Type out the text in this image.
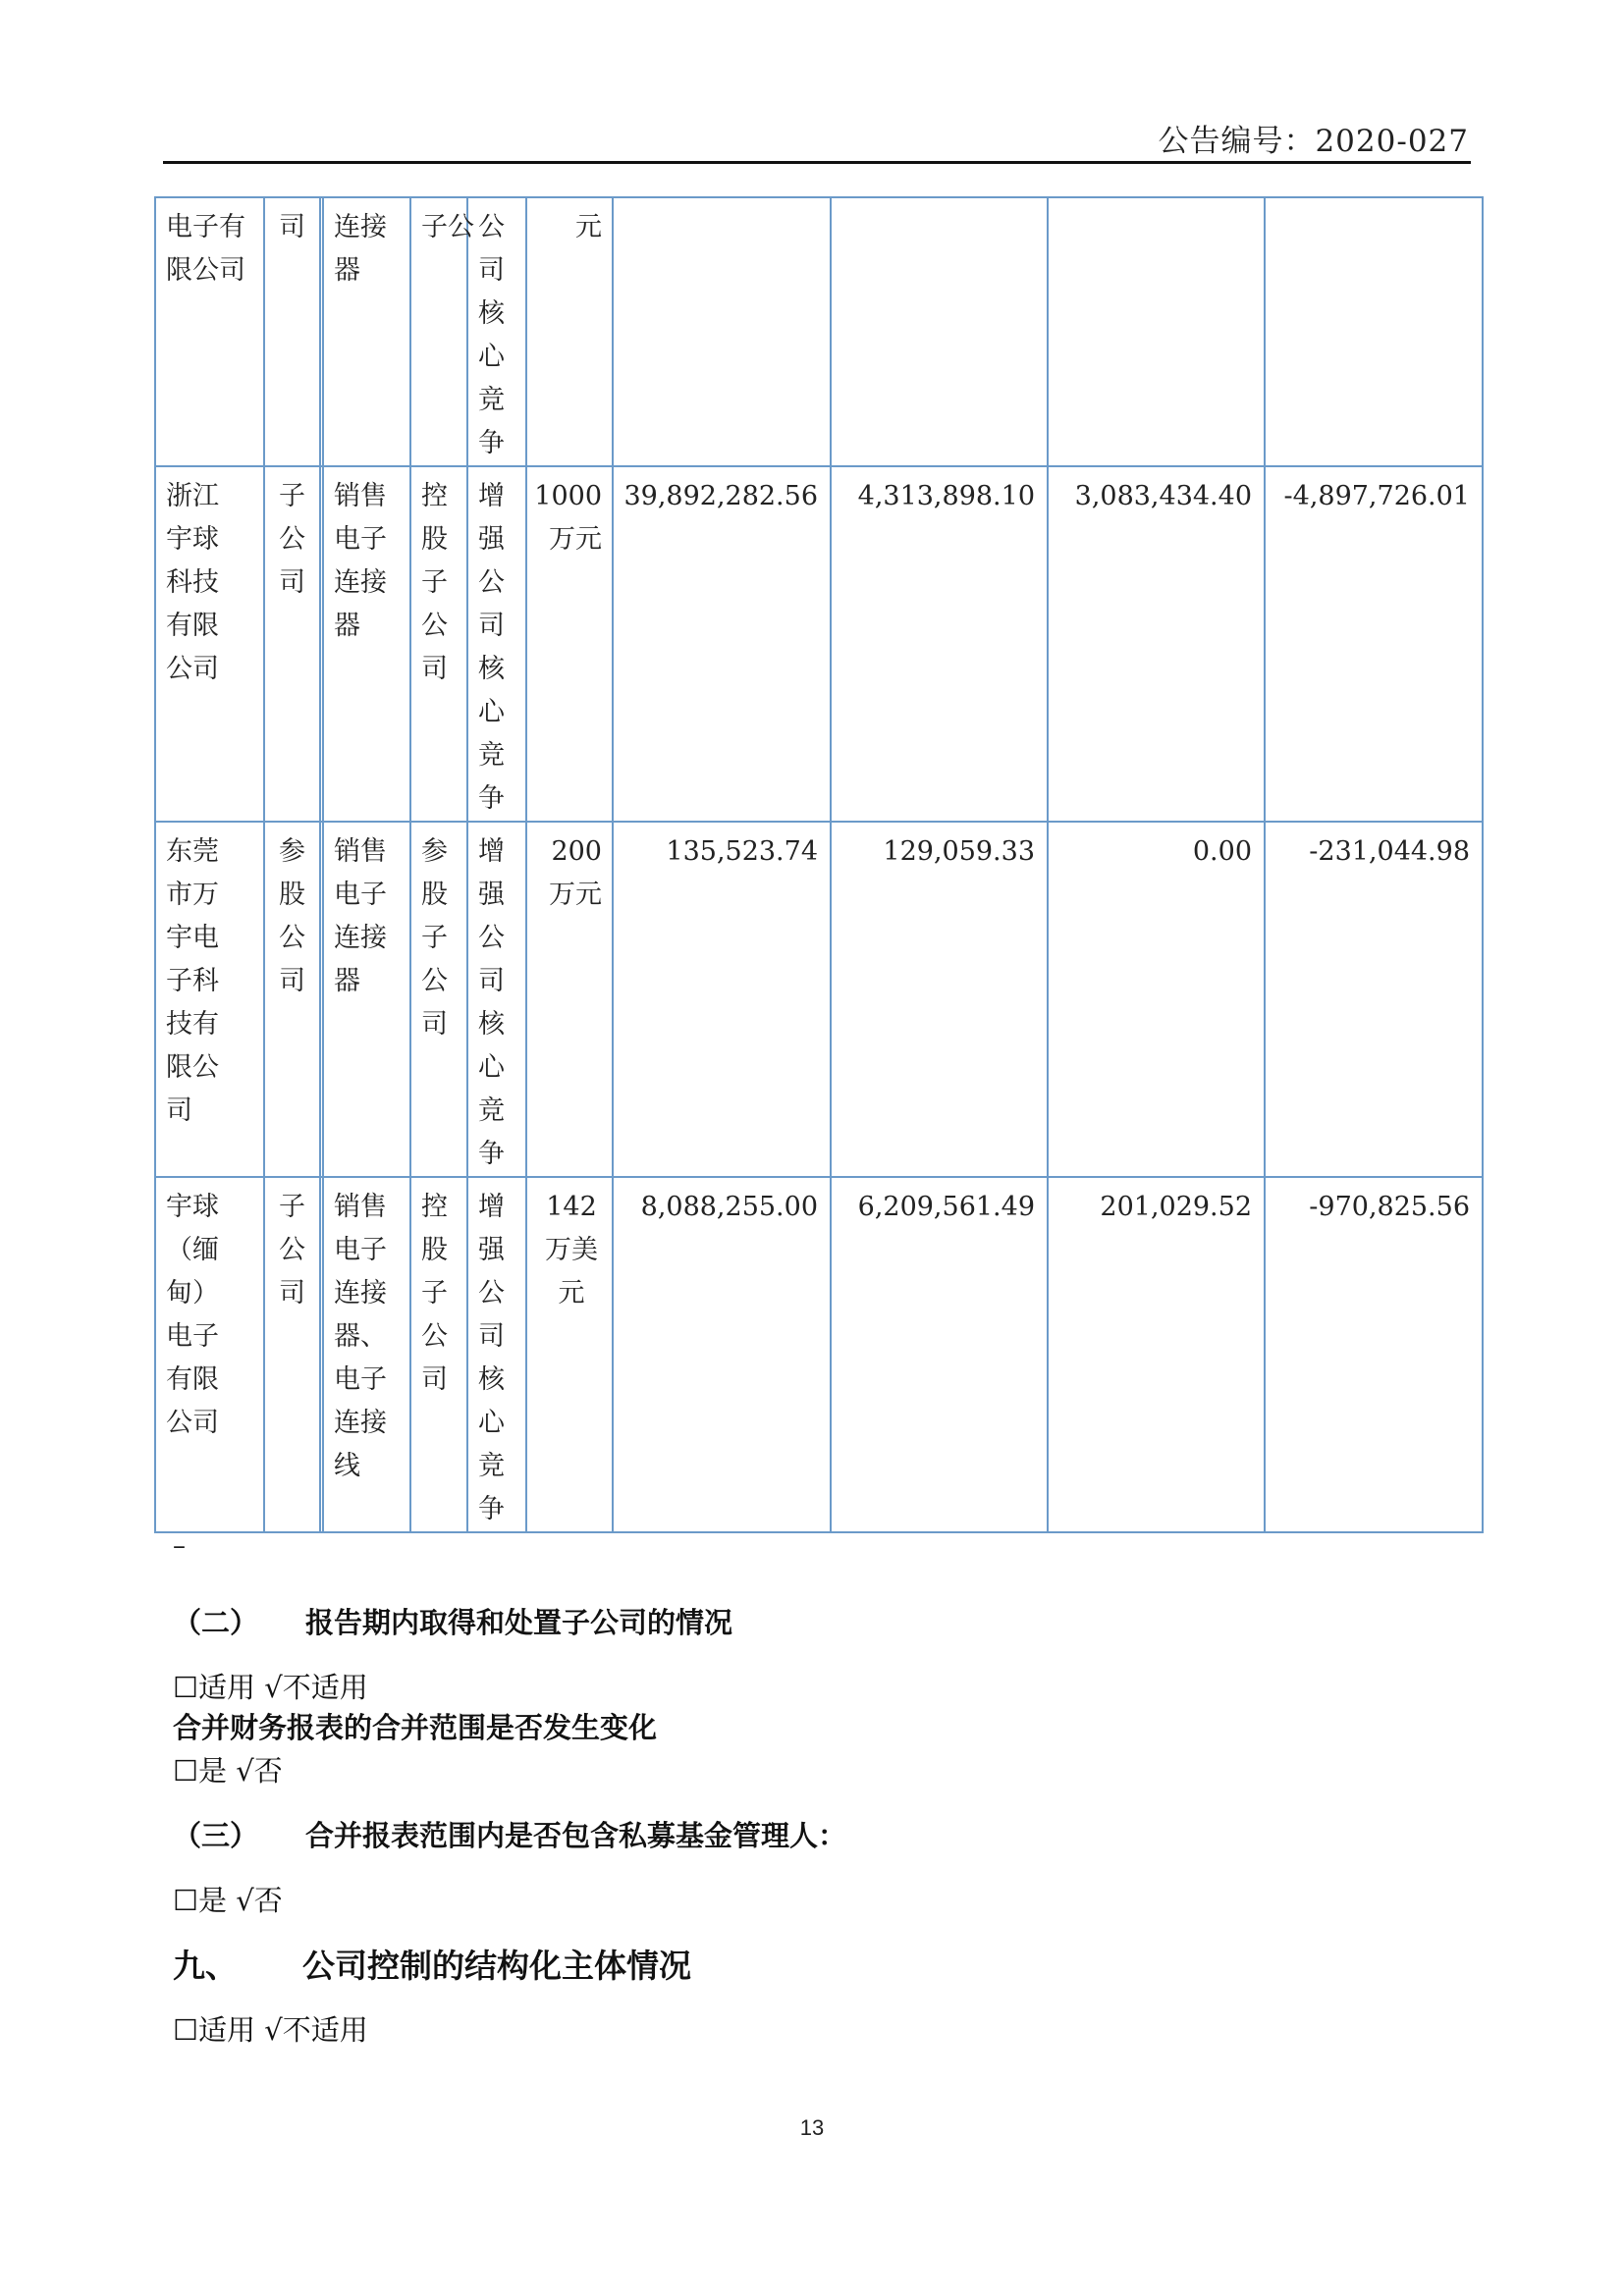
公告编号：2020-027
电子有限公司	司		连接器	子公	公司核心竞争	元				

浙江宇球科技有限公司	子公司		销售电子连接器	控股子公司	增强公司核心竞争	1000 万元	39,892,282.56	4,313,898.10	3,083,434.40	-4,897,726.01

东莞市万宇电子科技有限公司	参股公司		销售电子连接器	参股子公司	增强公司核心竞争	200 万元	135,523.74	129,059.33	0.00	-231,044.98

宇球（缅甸）电子有限公司	子公司		销售电子连接器、电子连接线	控股子公司	增强公司核心竞争	142 万美元	8,088,255.00	6,209,561.49	201,029.52	-970,825.56
–
（二） 报告期内取得和处置子公司的情况
☐适用 √不适用
合并财务报表的合并范围是否发生变化
☐是 √否
（三） 合并报表范围内是否包含私募基金管理人：
☐是 √否
九、 公司控制的结构化主体情况
☐适用 √不适用
13
